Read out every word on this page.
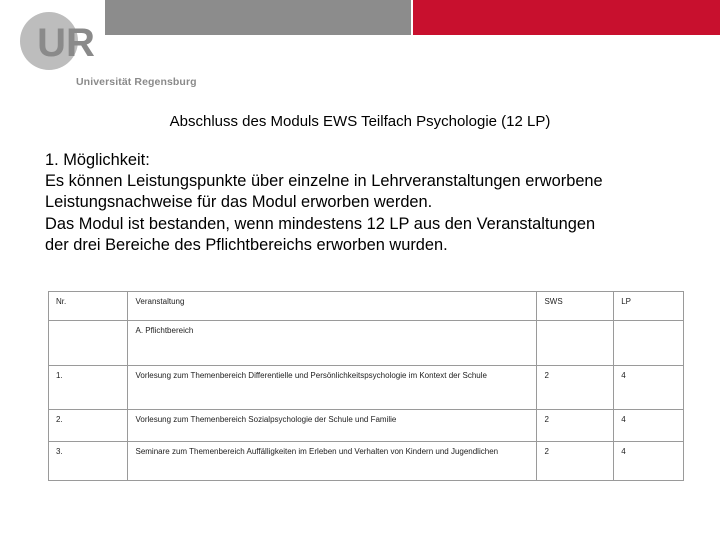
UR
Universität Regensburg
Abschluss des Moduls EWS Teilfach Psychologie (12 LP)
1. Möglichkeit:
Es können Leistungspunkte über einzelne in Lehrveranstaltungen erworbene
Leistungsnachweise für das Modul erworben werden.
Das Modul ist bestanden, wenn mindestens 12 LP aus den Veranstaltungen
der drei Bereiche des Pflichtbereichs erworben wurden.
Nr.	Veranstaltung	SWS	LP
	A. Pflichtbereich		
1.	Vorlesung zum Themenbereich Differentielle und Persönlichkeitspsychologie im Kontext der Schule	2	4
2.	Vorlesung zum Themenbereich Sozialpsychologie der Schule und Familie	2	4
3.	Seminare zum Themenbereich Auffälligkeiten im Erleben und Verhalten von Kindern und Jugendlichen	2	4
